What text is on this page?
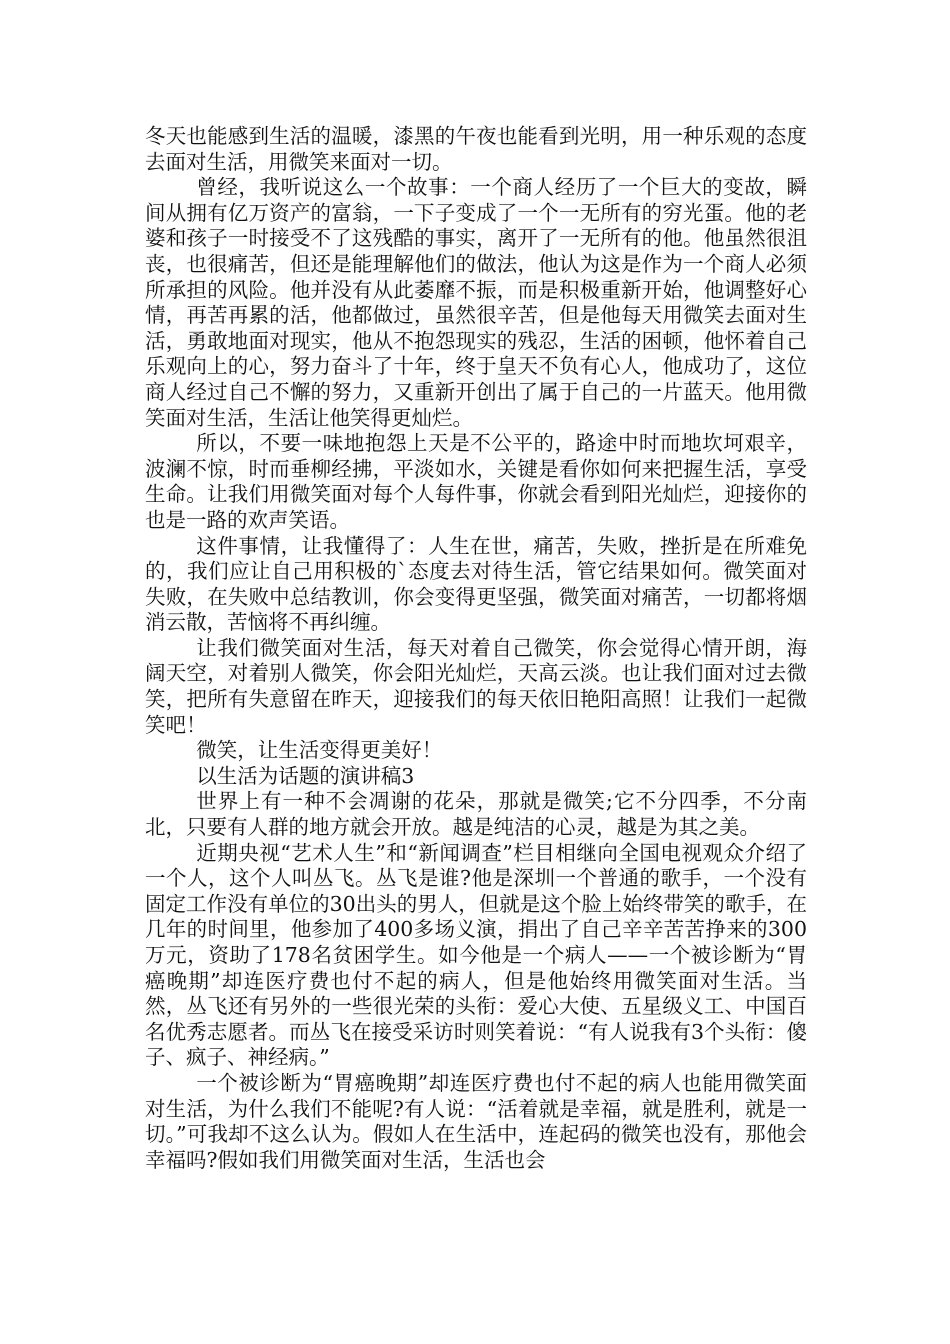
冬天也能感到生活的温暖，漆黑的午夜也能看到光明，用一种乐观的态度去面对生活，用微笑来面对一切。

曾经，我听说这么一个故事：一个商人经历了一个巨大的变故，瞬间从拥有亿万资产的富翁，一下子变成了一个一无所有的穷光蛋。他的老婆和孩子一时接受不了这残酷的事实，离开了一无所有的他。他虽然很沮丧，也很痛苦，但还是能理解他们的做法，他认为这是作为一个商人必须所承担的风险。他并没有从此萎靡不振，而是积极重新开始，他调整好心情，再苦再累的活，他都做过，虽然很辛苦，但是他每天用微笑去面对生活，勇敢地面对现实，他从不抱怨现实的残忍，生活的困顿，他怀着自己乐观向上的心，努力奋斗了十年，终于皇天不负有心人，他成功了，这位商人经过自己不懈的努力，又重新开创出了属于自己的一片蓝天。他用微笑面对生活，生活让他笑得更灿烂。

所以，不要一味地抱怨上天是不公平的，路途中时而地坎坷艰辛，波澜不惊，时而垂柳经拂，平淡如水，关键是看你如何来把握生活，享受生命。让我们用微笑面对每个人每件事，你就会看到阳光灿烂，迎接你的也是一路的欢声笑语。

这件事情，让我懂得了：人生在世，痛苦，失败，挫折是在所难免的，我们应让自己用积极的`态度去对待生活，管它结果如何。微笑面对失败，在失败中总结教训，你会变得更坚强，微笑面对痛苦，一切都将烟消云散，苦恼将不再纠缠。

让我们微笑面对生活，每天对着自己微笑，你会觉得心情开朗，海阔天空，对着别人微笑，你会阳光灿烂，天高云淡。也让我们面对过去微笑，把所有失意留在昨天，迎接我们的每天依旧艳阳高照！让我们一起微笑吧！

微笑，让生活变得更美好！

以生活为话题的演讲稿3

世界上有一种不会凋谢的花朵，那就是微笑;它不分四季，不分南北，只要有人群的地方就会开放。越是纯洁的心灵，越是为其之美。

近期央视“艺术人生”和“新闻调查”栏目相继向全国电视观众介绍了一个人，这个人叫丛飞。丛飞是谁?他是深圳一个普通的歌手，一个没有固定工作没有单位的30出头的男人，但就是这个脸上始终带笑的歌手，在几年的时间里，他参加了400多场义演，捐出了自己辛辛苦苦挣来的300万元，资助了178名贫困学生。如今他是一个病人——一个被诊断为“胃癌晚期”却连医疗费也付不起的病人，但是他始终用微笑面对生活。当然，丛飞还有另外的一些很光荣的头衔：爱心大使、五星级义工、中国百名优秀志愿者。而丛飞在接受采访时则笑着说：“有人说我有3个头衔：傻子、疯子、神经病。”

一个被诊断为“胃癌晚期”却连医疗费也付不起的病人也能用微笑面对生活，为什么我们不能呢?有人说：“活着就是幸福，就是胜利，就是一切。”可我却不这么认为。假如人在生活中，连起码的微笑也没有，那他会幸福吗?假如我们用微笑面对生活，生活也会
